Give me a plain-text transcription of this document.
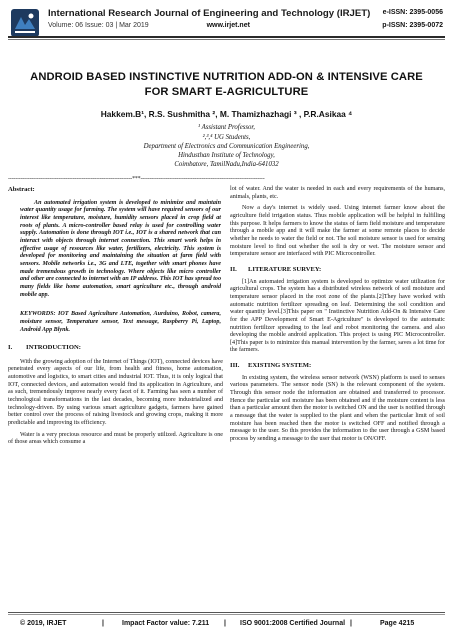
International Research Journal of Engineering and Technology (IRJET)
Volume: 06 Issue: 03 | Mar 2019	www.irjet.net
e-ISSN: 2395-0056
p-ISSN: 2395-0072
ANDROID BASED INSTINCTIVE NUTRITION ADD-ON & INTENSIVE CARE FOR SMART E-AGRICULTURE
Hakkem.B¹, R.S. Sushmitha ², M. Thamizhazhagi ³ , P.R.Asikaa ⁴
¹ Assistant Professor,
²,³,⁴ UG Students,
Department of Electronics and Communication Engineering,
Hindusthan Institute of Technology,
Coimbatore, TamilNadu,India-641032
---------------------------------------------------------------------***---------------------------------------------------------------------
Abstract:

An automated irrigation system is developed to minimize and maintain water quantity usage for farming. The system will have required sensors of our interest like temperature, moisture, humidity sensors placed in crop field at roots of plants. A micro-controller based relay is used for controlling water supply. Automation is done through IOT i.e., IOT is a shared network that can interact with objects through internet connection. This smart work helps in effective usage of resources like water, fertilizers, electricity. This system is developed for monitoring and maintaining the situation at farm field with sensors. Mobile networks i.e., 3G and LTE, together with smart phones have made tremendous growth in technology. Where objects like micro controller and other are connected to internet with an IP address. This IOT has spread too many fields like home automation, smart agriculture etc., through android mobile app.

KEYWORDS: IOT Based Agriculture Automation, Aurduino, Robot, camera, moisture sensor, Temperature sensor, Text message, Raspberry Pi, Laptop, Android App Blynk.

I. INTRODUCTION:

With the growing adoption of the Internet of Things (IOT), connected devices have penetrated every aspects of our life, from health and fitness, home automation, automotive and logistics, to smart cities and industrial IOT. Thus, it is only logical that IOT, connected devices, and automation would find its application in Agriculture, and as such, tremendously improve nearly every facet of it. Farming has seen a number of technological transformations in the last decades, becoming more industrialized and technology-driven. By using various smart agriculture gadgets, farmers have gained better control over the process of raising livestock and growing crops, making it more predictable and improving its efficiency.

Water is a very precious resource and must be properly utilized. Agriculture is one of those areas which consume a

lot of water. And the water is needed in each and every requirements of the humans, animals, plants, etc.

Now a day's internet is widely used. Using internet farmer know about the agriculture field irrigation status. Thus mobile application will be helpful in fulfilling this purpose. It helps farmers to know the status of farm field moisture and temperature through a mobile app and it will make the farmer at some remote places to decide whether he needs to water the field or not. The soil moisture sensor is used for sensing moisture level to find out whether the soil is dry or wet. The moisture sensor and temperature sensor are interfaced with PIC Microcontroller.

II. LITERATURE SURVEY:

[1]An automated irrigation system is developed to optimize water utilization for agricultural crops. The system has a distributed wireless network of soil moisture and temperature sensor placed in the root zone of the plants.[2]They have worked with automatic nutrition fertilizer spreading on leaf. Determining the soil condition and water quantity level.[3]This paper on " Instinctive Nutrition Add-On & Intensive Care for the APP Development of Smart E-Agriculture" is developed to the automatic nutrition fertilizer spreading to the leaf and robot monitoring the camera. and also developing the mobile android application. This project is using PIC Microcontroller.[4]This paper is to minimize this manual intervention by the farmer, saves a lot time for the farmers.

III. EXISTING SYSTEM:

In existing system, the wireless sensor network (WSN) platform is used to senses various parameters. The sensor node (SN) is the relevant component of the system. Through this sensor node the information are obtained and transferred to processor. Hence the particular soil moisture has been obtained and if the moisture content is less than a particular amount then the motor is switched ON and the user is notified through a message that the water is supplied to the plant and when the particular limit of soil moisture has been reached then the motor is switched OFF and notified through a message to the user. So this provides the information to the user through a GSM based process by sending a message to the user that motor is ON/OFF.

© 2019, IRJET	|	Impact Factor value: 7.211 | ISO 9001:2008 Certified Journal |	Page 4215
